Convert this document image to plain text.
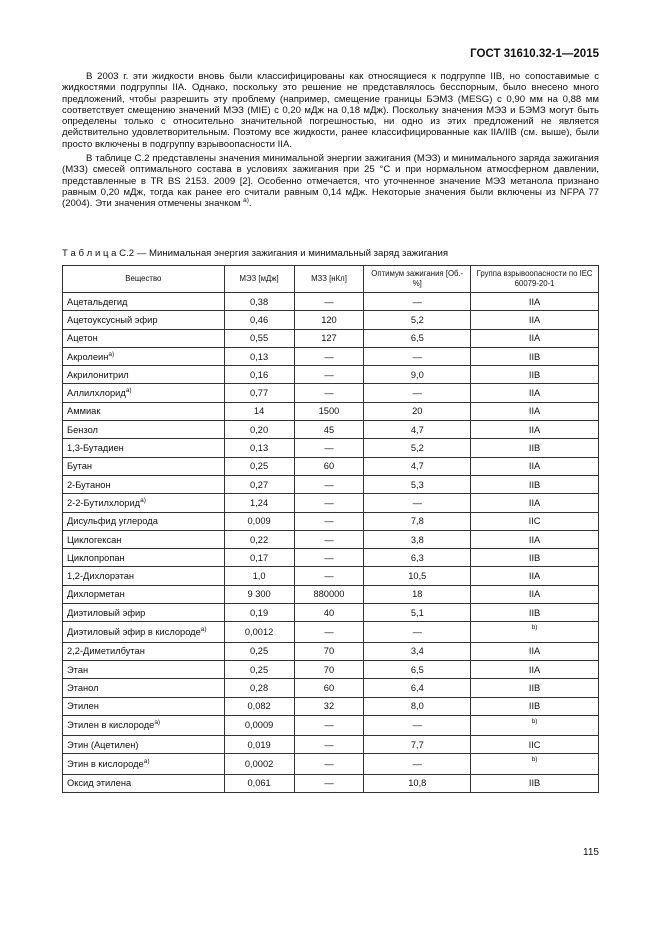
ГОСТ 31610.32-1—2015

В 2003 г. эти жидкости вновь были классифицированы как относящиеся к подгруппе IIB, но сопоставимые с жидкостями подгруппы IIA. Однако, поскольку это решение не представлялось бесспорным, было внесено много предложений, чтобы разрешить эту проблему (например, смещение границы БЭМЗ (MESG) с 0,90 мм на 0,88 мм соответствует смещению значений МЭЗ (MIE) с 0,20 мДж на 0,18 мДж). Поскольку значения МЭЗ и БЭМЗ могут быть определены только с относительно значительной погрешностью, ни одно из этих предложений не является действительно удовлетворительным. Поэтому все жидкости, ранее классифицированные как IIA/IIB (см. выше), были просто включены в подгруппу взрывоопасности IIA.

В таблице С.2 представлены значения минимальной энергии зажигания (МЭЗ) и минимального заряда зажигания (МЗЗ) смесей оптимального состава в условиях зажигания при 25 °С и при нормальном атмосферном давлении, представленные в TR BS 2153. 2009 [2]. Особенно отмечается, что уточненное значение МЭЗ метанола признано равным 0,20 мДж, тогда как ранее его считали равным 0,14 мДж. Некоторые значения были включены из NFPA 77 (2004). Эти значения отмечены значком $^{а)}$.

Т а б л и ц а С.2 — Минимальная энергия зажигания и минимальный заряд зажигания
Вещество	МЭЗ [мДж]	МЗЗ [нКл]	Оптимум зажигания [Об.-%]	Группа взрывоопасности по IEC 60079-20-1
Ацетальдегид	0,38	—	—	IIA
Ацетоуксусный эфир	0,46	120	5,2	IIA
Ацетон	0,55	127	6,5	IIA
Акролеин$^{а)}$	0,13	—	—	IIB
Акрилонитрил	0,16	—	9,0	IIB
Аллилхлорид$^{а)}$	0,77	—	—	IIA
Аммиак	14	1500	20	IIA
Бензол	0,20	45	4,7	IIA
1,3-Бутадиен	0,13	—	5,2	IIB
Бутан	0,25	60	4,7	IIA
2-Бутанон	0,27	—	5,3	IIB
2-2-Бутилхлорид$^{а)}$	1,24	—	—	IIA
Дисульфид углерода	0,009	—	7,8	IIC
Циклогексан	0,22	—	3,8	IIA
Циклопропан	0,17	—	6,3	IIB
1,2-Дихлорэтан	1,0	—	10,5	IIA
Дихлорметан	9 300	880000	18	IIA
Диэтиловый эфир	0,19	40	5,1	IIB
Диэтиловый эфир в кислороде$^{а)}$	0,0012	—	—	b)
2,2-Диметилбутан	0,25	70	3,4	IIA
Этан	0,25	70	6,5	IIA
Этанол	0,28	60	6,4	IIB
Этилен	0,082	32	8,0	IIB
Этилен в кислороде$^{а)}$	0,0009	—	—	b)
Этин (Ацетилен)	0,019	—	7,7	IIC
Этин в кислороде$^{а)}$	0,0002	—	—	b)
Оксид этилена	0,061	—	10,8	IIB
115
